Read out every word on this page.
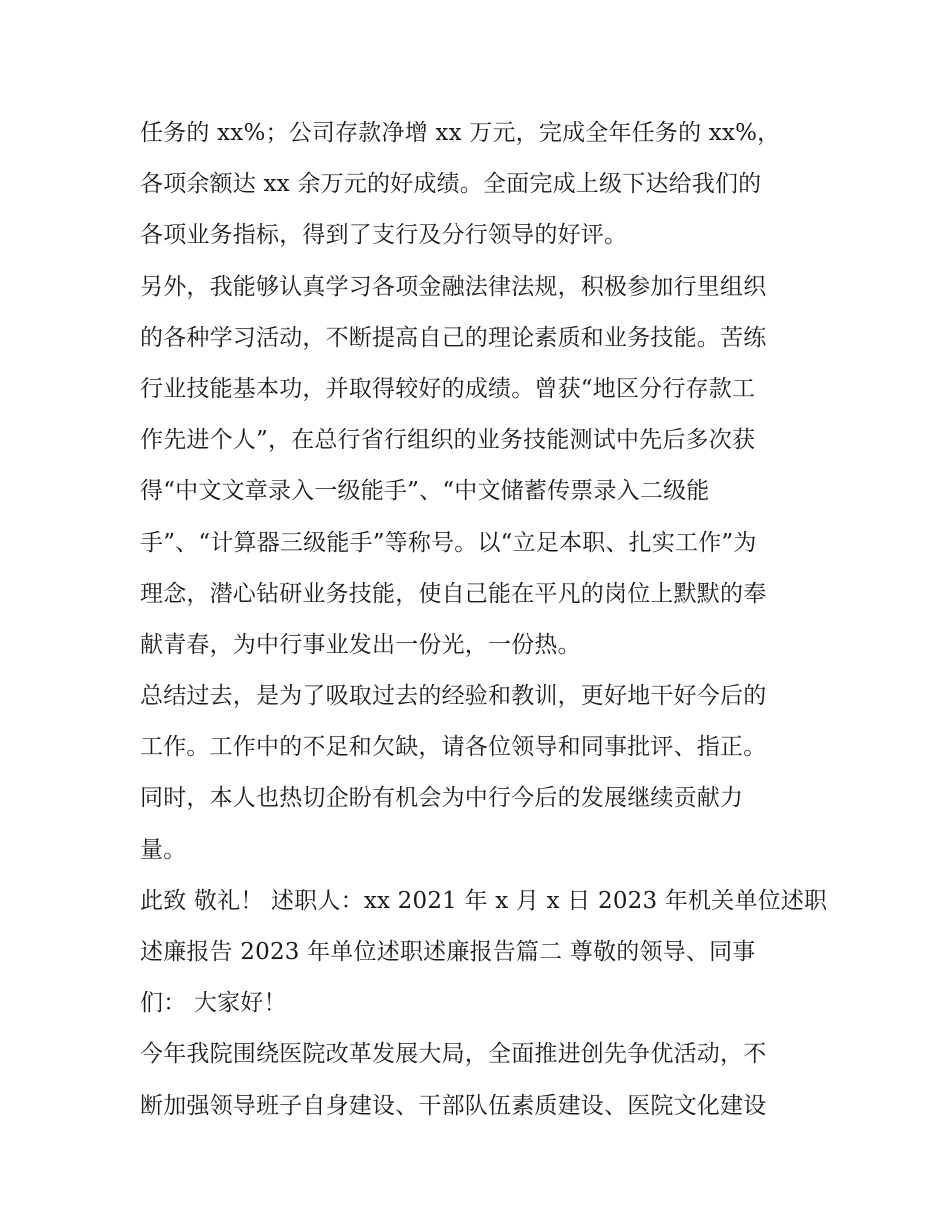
任务的 xx%；公司存款净增 xx 万元，完成全年任务的 xx%，
各项余额达 xx 余万元的好成绩。全面完成上级下达给我们的
各项业务指标，得到了支行及分行领导的好评。

另外，我能够认真学习各项金融法律法规，积极参加行里组织
的各种学习活动，不断提高自己的理论素质和业务技能。苦练
行业技能基本功，并取得较好的成绩。曾获“地区分行存款工
作先进个人”，在总行省行组织的业务技能测试中先后多次获
得“中文文章录入一级能手”、“中文储蓄传票录入二级能
手”、“计算器三级能手”等称号。以“立足本职、扎实工作”为
理念，潜心钻研业务技能，使自己能在平凡的岗位上默默的奉
献青春，为中行事业发出一份光，一份热。

总结过去，是为了吸取过去的经验和教训，更好地干好今后的
工作。工作中的不足和欠缺，请各位领导和同事批评、指正。
同时，本人也热切企盼有机会为中行今后的发展继续贡献力
量。

此致 敬礼！ 述职人：xx 2021 年 x 月 x 日 2023 年机关单位述职
述廉报告 2023 年单位述职述廉报告篇二 尊敬的领导、同事
们： 大家好！

今年我院围绕医院改革发展大局，全面推进创先争优活动，不
断加强领导班子自身建设、干部队伍素质建设、医院文化建设
